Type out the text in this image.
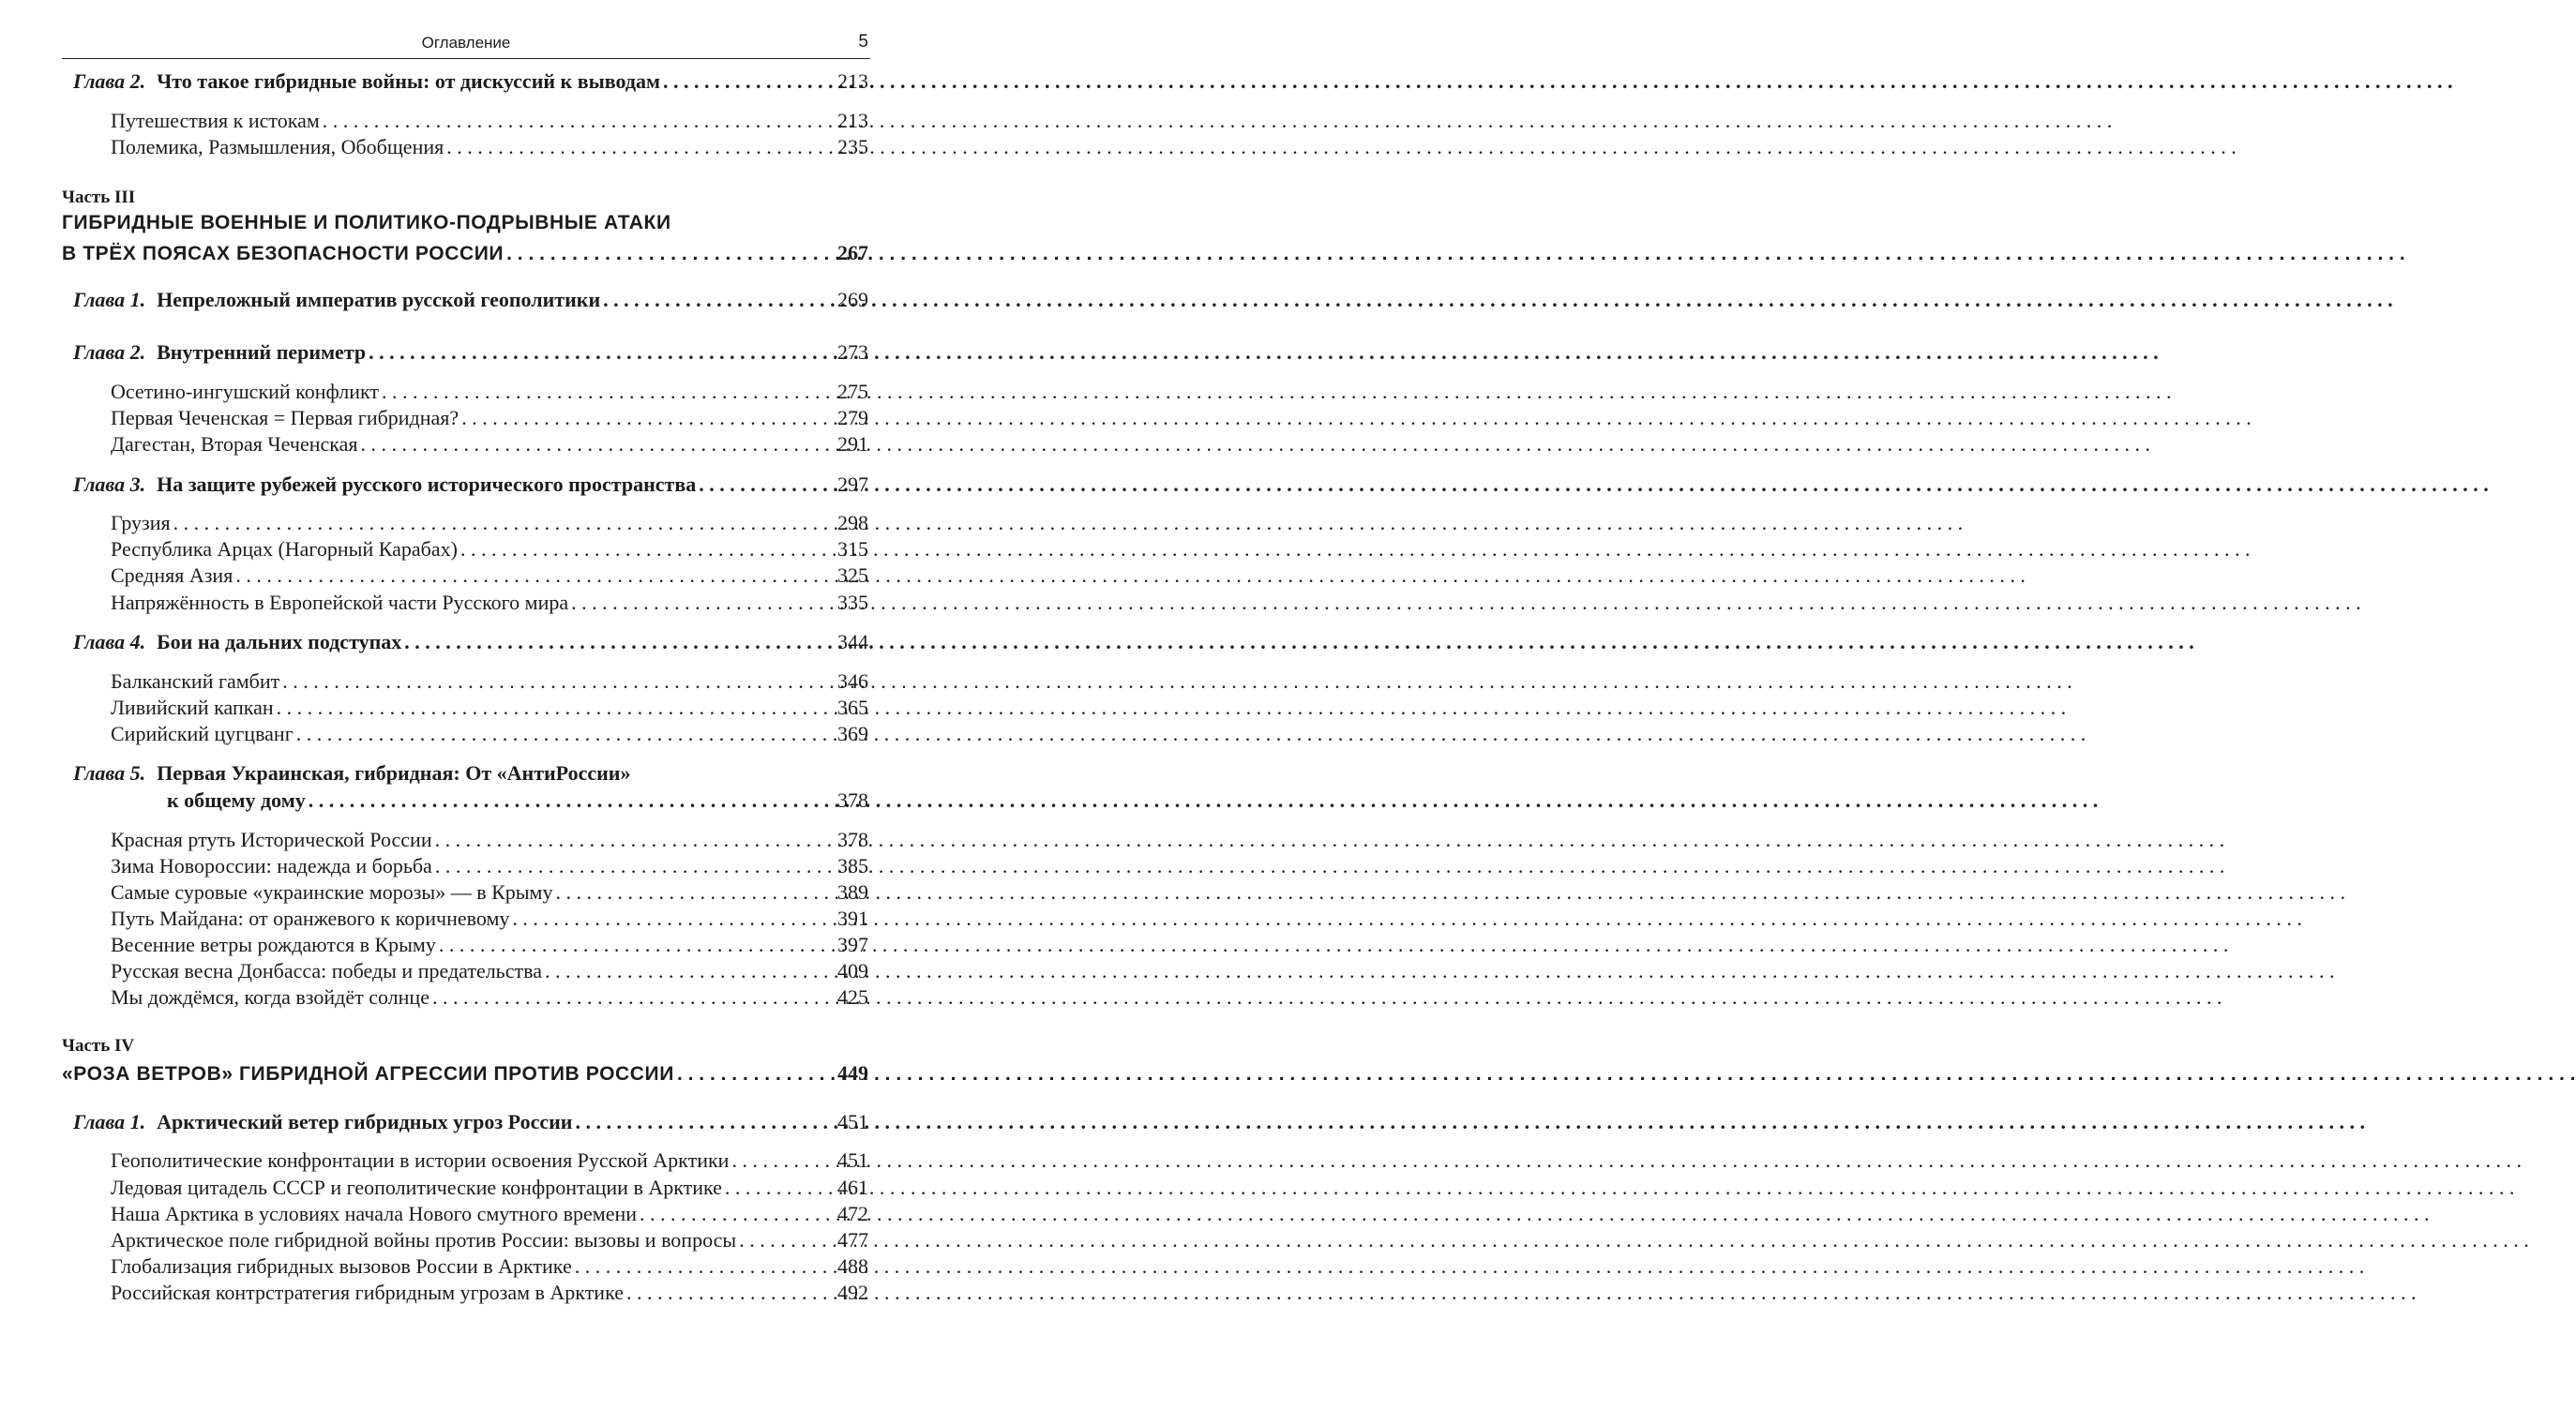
Оглавление	5
Глава 2. Что такое гибридные войны: от дискуссий к выводам . . .	213
Путешествия к истокам . . .	213
Полемика, Размышления, Обобщения . . .	235
Часть III
ГИБРИДНЫЕ ВОЕННЫЕ И ПОЛИТИКО-ПОДРЫВНЫЕ АТАКИ
В ТРЁХ ПОЯСАХ БЕЗОПАСНОСТИ РОССИИ . . .	267
Глава 1. Непреложный императив русской геополитики . . .	269
Глава 2. Внутренний периметр . . .	273
Осетино-ингушский конфликт . . .	275
Первая Чеченская = Первая гибридная? . . .	279
Дагестан, Вторая Чеченская . . .	291
Глава 3. На защите рубежей русского исторического пространства . . .	297
Грузия . . .	298
Республика Арцах (Нагорный Карабах) . . .	315
Средняя Азия . . .	325
Напряжённость в Европейской части Русского мира . . .	335
Глава 4. Бои на дальних подступах . . .	344
Балканский гамбит . . .	346
Ливийский капкан . . .	365
Сирийский цугцванг . . .	369
Глава 5. Первая Украинская, гибридная: От «АнтиРоссии»
к общему дому . . .	378
Красная ртуть Исторической России . . .	378
Зима Новороссии: надежда и борьба . . .	385
Самые суровые «украинские морозы» — в Крыму . . .	389
Путь Майдана: от оранжевого к коричневому . . .	391
Весенние ветры рождаются в Крыму . . .	397
Русская весна Донбасса: победы и предательства . . .	409
Мы дождёмся, когда взойдёт солнце . . .	425
Часть IV
«РОЗА ВЕТРОВ» ГИБРИДНОЙ АГРЕССИИ ПРОТИВ РОССИИ . . .	449
Глава 1. Арктический ветер гибридных угроз России . . .	451
Геополитические конфронтации в истории освоения Русской Арктики . . .	451
Ледовая цитадель СССР и геополитические конфронтации в Арктике . . .	461
Наша Арктика в условиях начала Нового смутного времени . . .	472
Арктическое поле гибридной войны против России: вызовы и вопросы . . .	477
Глобализация гибридных вызовов России в Арктике . . .	488
Российская контрстратегия гибридным угрозам в Арктике . . .	492
